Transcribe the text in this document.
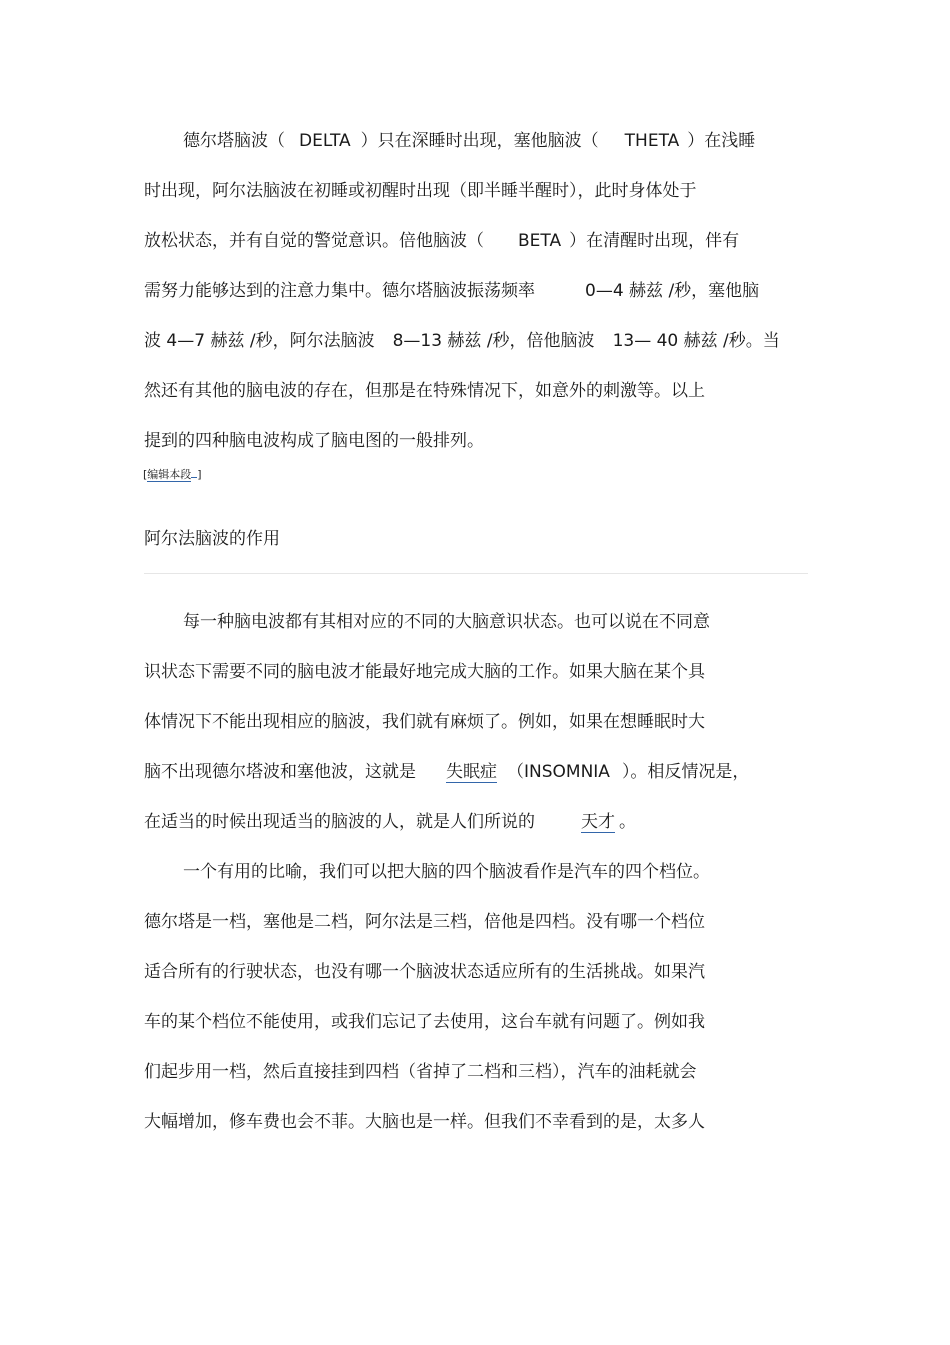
德尔塔脑波（ DELTA ）只在深睡时出现，塞他脑波（ THETA ）在浅睡
时出现，阿尔法脑波在初睡或初醒时出现（即半睡半醒时），此时身体处于
放松状态，并有自觉的警觉意识。倍他脑波（ BETA ）在清醒时出现，伴有
需努力能够达到的注意力集中。德尔塔脑波振荡频率	0—4 赫兹 /秒，塞他脑
波 4—7 赫兹 /秒，阿尔法脑波 8—13 赫兹 /秒，倍他脑波 13— 40 赫兹 /秒。当
然还有其他的脑电波的存在，但那是在特殊情况下，如意外的刺激等。以上
提到的四种脑电波构成了脑电图的一般排列。
[编辑本段 ]
阿尔法脑波的作用
每一种脑电波都有其相对应的不同的大脑意识状态。也可以说在不同意
识状态下需要不同的脑电波才能最好地完成大脑的工作。如果大脑在某个具
体情况下不能出现相应的脑波，我们就有麻烦了。例如，如果在想睡眠时大
脑不出现德尔塔波和塞他波，这就是 失眠症 （INSOMNIA ）。相反情况是，
在适当的时候出现适当的脑波的人，就是人们所说的	天才 。
一个有用的比喻，我们可以把大脑的四个脑波看作是汽车的四个档位。
德尔塔是一档，塞他是二档，阿尔法是三档，倍他是四档。没有哪一个档位
适合所有的行驶状态，也没有哪一个脑波状态适应所有的生活挑战。如果汽
车的某个档位不能使用，或我们忘记了去使用，这台车就有问题了。例如我
们起步用一档，然后直接挂到四档（省掉了二档和三档），汽车的油耗就会
大幅增加，修车费也会不菲。大脑也是一样。但我们不幸看到的是，太多人
